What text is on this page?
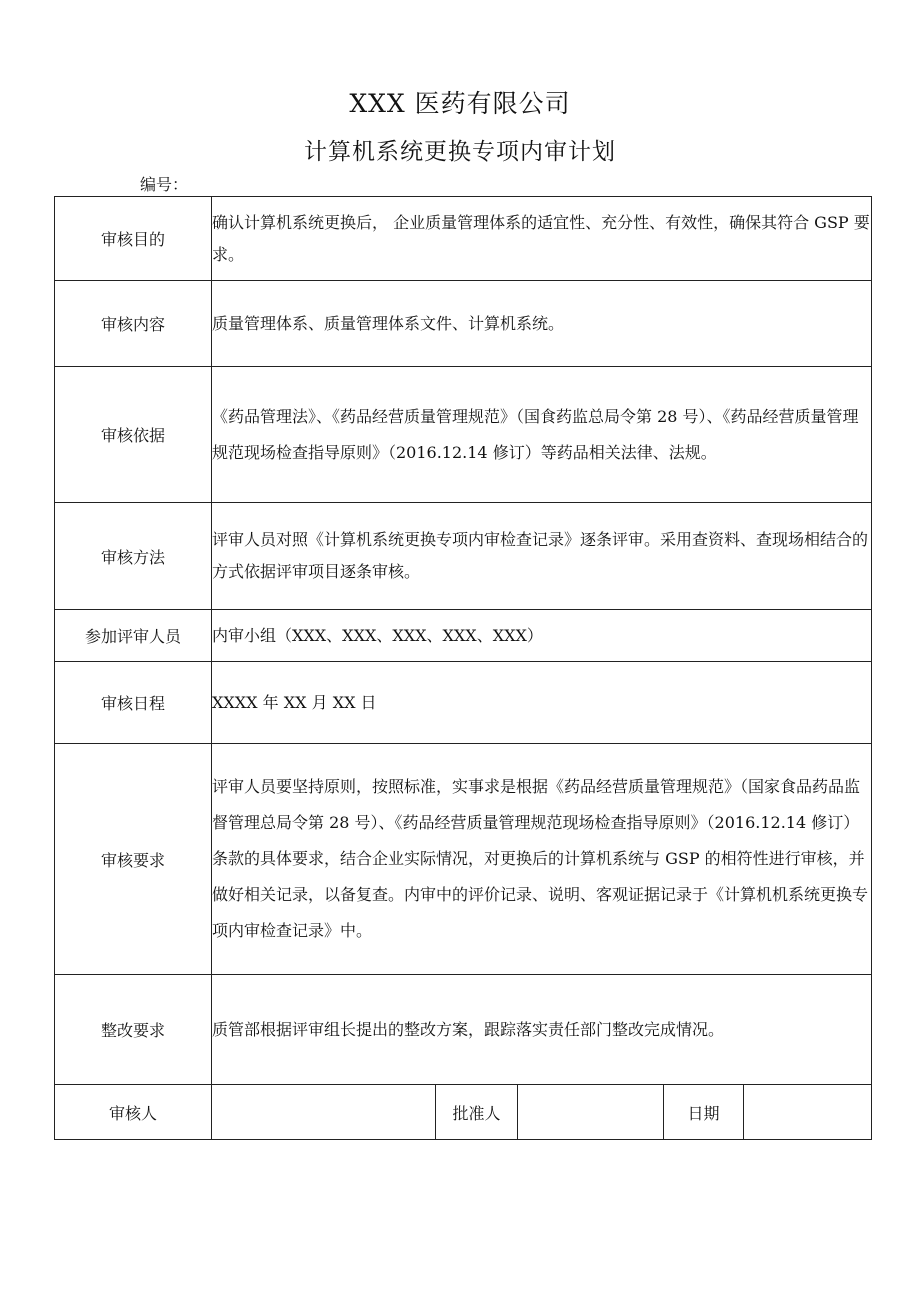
XXX 医药有限公司
计算机系统更换专项内审计划
编号：
审核目的	确认计算机系统更换后， 企业质量管理体系的适宜性、充分性、有效性，确保其符合 GSP 要求。				
审核内容	质量管理体系、质量管理体系文件、计算机系统。				
审核依据	《药品管理法》、《药品经营质量管理规范》（国食药监总局令第 28 号）、《药品经营质量管理规范现场检查指导原则》（2016.12.14 修订）等药品相关法律、法规。				
审核方法	评审人员对照《计算机系统更换专项内审检查记录》逐条评审。采用查资料、查现场相结合的方式依据评审项目逐条审核。				
参加评审人员	内审小组（XXX、XXX、XXX、XXX、XXX）				
审核日程	XXXX 年 XX 月 XX 日				
审核要求	评审人员要坚持原则，按照标准，实事求是根据《药品经营质量管理规范》（国家食品药品监督管理总局令第 28 号）、《药品经营质量管理规范现场检查指导原则》（2016.12.14 修订）条款的具体要求，结合企业实际情况，对更换后的计算机系统与 GSP 的相符性进行审核，并做好相关记录，以备复查。内审中的评价记录、说明、客观证据记录于《计算机机系统更换专项内审检查记录》中。				
整改要求	质管部根据评审组长提出的整改方案，跟踪落实责任部门整改完成情况。				
审核人		批准人		日期	
